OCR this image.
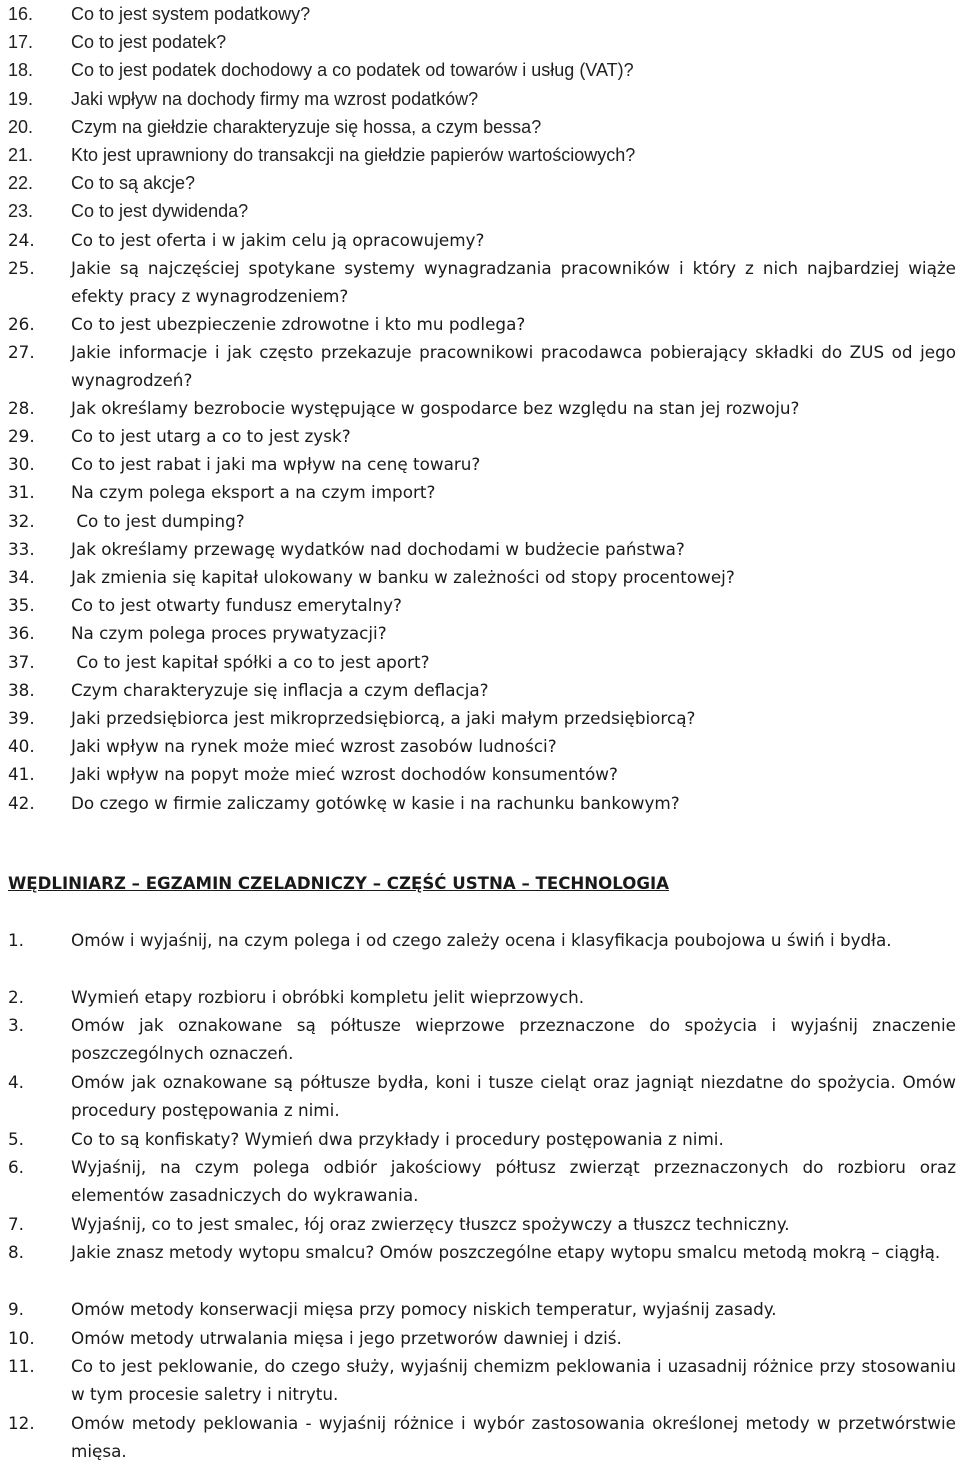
16.	Co to jest system podatkowy?
17.	Co to jest podatek?
18.	Co to jest podatek dochodowy a co podatek od towarów i usług (VAT)?
19.	Jaki wpływ na dochody firmy ma wzrost podatków?
20.	Czym na giełdzie charakteryzuje się hossa, a czym bessa?
21.	Kto jest uprawniony do transakcji na giełdzie papierów wartościowych?
22.	Co to są akcje?
23.	Co to jest dywidenda?
24.	Co to jest oferta i w jakim celu ją opracowujemy?
25.	Jakie są najczęściej spotykane systemy wynagradzania pracowników i który z nich najbardziej wiąże efekty pracy z wynagrodzeniem?
26.	Co to jest ubezpieczenie zdrowotne i kto mu podlega?
27.	Jakie informacje i jak często przekazuje pracownikowi pracodawca pobierający składki do ZUS od jego wynagrodzeń?
28.	Jak określamy bezrobocie występujące w gospodarce bez względu na stan jej rozwoju?
29.	Co to jest utarg a co to jest zysk?
30.	Co to jest rabat i jaki ma wpływ na cenę towaru?
31.	Na czym polega eksport a na czym import?
32.	Co to jest dumping?
33.	Jak określamy przewagę wydatków nad dochodami w budżecie państwa?
34.	Jak zmienia się kapitał ulokowany w banku w zależności od stopy procentowej?
35.	Co to jest otwarty fundusz emerytalny?
36.	Na czym polega proces prywatyzacji?
37.	Co to jest kapitał spółki a co to jest aport?
38.	Czym charakteryzuje się inflacja a czym deflacja?
39.	Jaki przedsiębiorca jest mikroprzedsiębiorcą, a jaki małym przedsiębiorcą?
40.	Jaki wpływ na rynek może mieć wzrost zasobów ludności?
41.	Jaki wpływ na popyt może mieć wzrost dochodów konsumentów?
42.	Do czego w firmie zaliczamy gotówkę w kasie i na rachunku bankowym?
WĘDLINIARZ – EGZAMIN CZELADNICZY – CZĘŚĆ USTNA – TECHNOLOGIA
1.	Omów i wyjaśnij, na czym polega i od czego zależy ocena i klasyfikacja poubojowa u świń i bydła.
2.	Wymień etapy rozbioru i obróbki kompletu jelit wieprzowych.
3.	Omów jak oznakowane są półtusze wieprzowe przeznaczone do spożycia i wyjaśnij znaczenie poszczególnych oznaczeń.
4.	Omów jak oznakowane są półtusze bydła, koni i tusze cieląt oraz jagniąt niezdatne do spożycia. Omów procedury postępowania z nimi.
5.	Co to są konfiskaty? Wymień dwa przykłady i procedury postępowania z nimi.
6.	Wyjaśnij, na czym polega odbiór jakościowy półtusz zwierząt przeznaczonych do rozbioru oraz elementów zasadniczych do wykrawania.
7.	Wyjaśnij, co to jest smalec, łój oraz zwierzęcy tłuszcz spożywczy a tłuszcz techniczny.
8.	Jakie znasz metody wytopu smalcu? Omów poszczególne etapy wytopu smalcu metodą mokrą – ciągłą.
9.	Omów metody konserwacji mięsa przy pomocy niskich temperatur, wyjaśnij zasady.
10.	Omów metody utrwalania mięsa i jego przetworów dawniej i dziś.
11.	Co to jest peklowanie, do czego służy, wyjaśnij chemizm peklowania i uzasadnij różnice przy stosowaniu w tym procesie saletry i nitrytu.
12.	Omów metody peklowania - wyjaśnij różnice i wybór zastosowania określonej metody w przetwórstwie mięsa.
